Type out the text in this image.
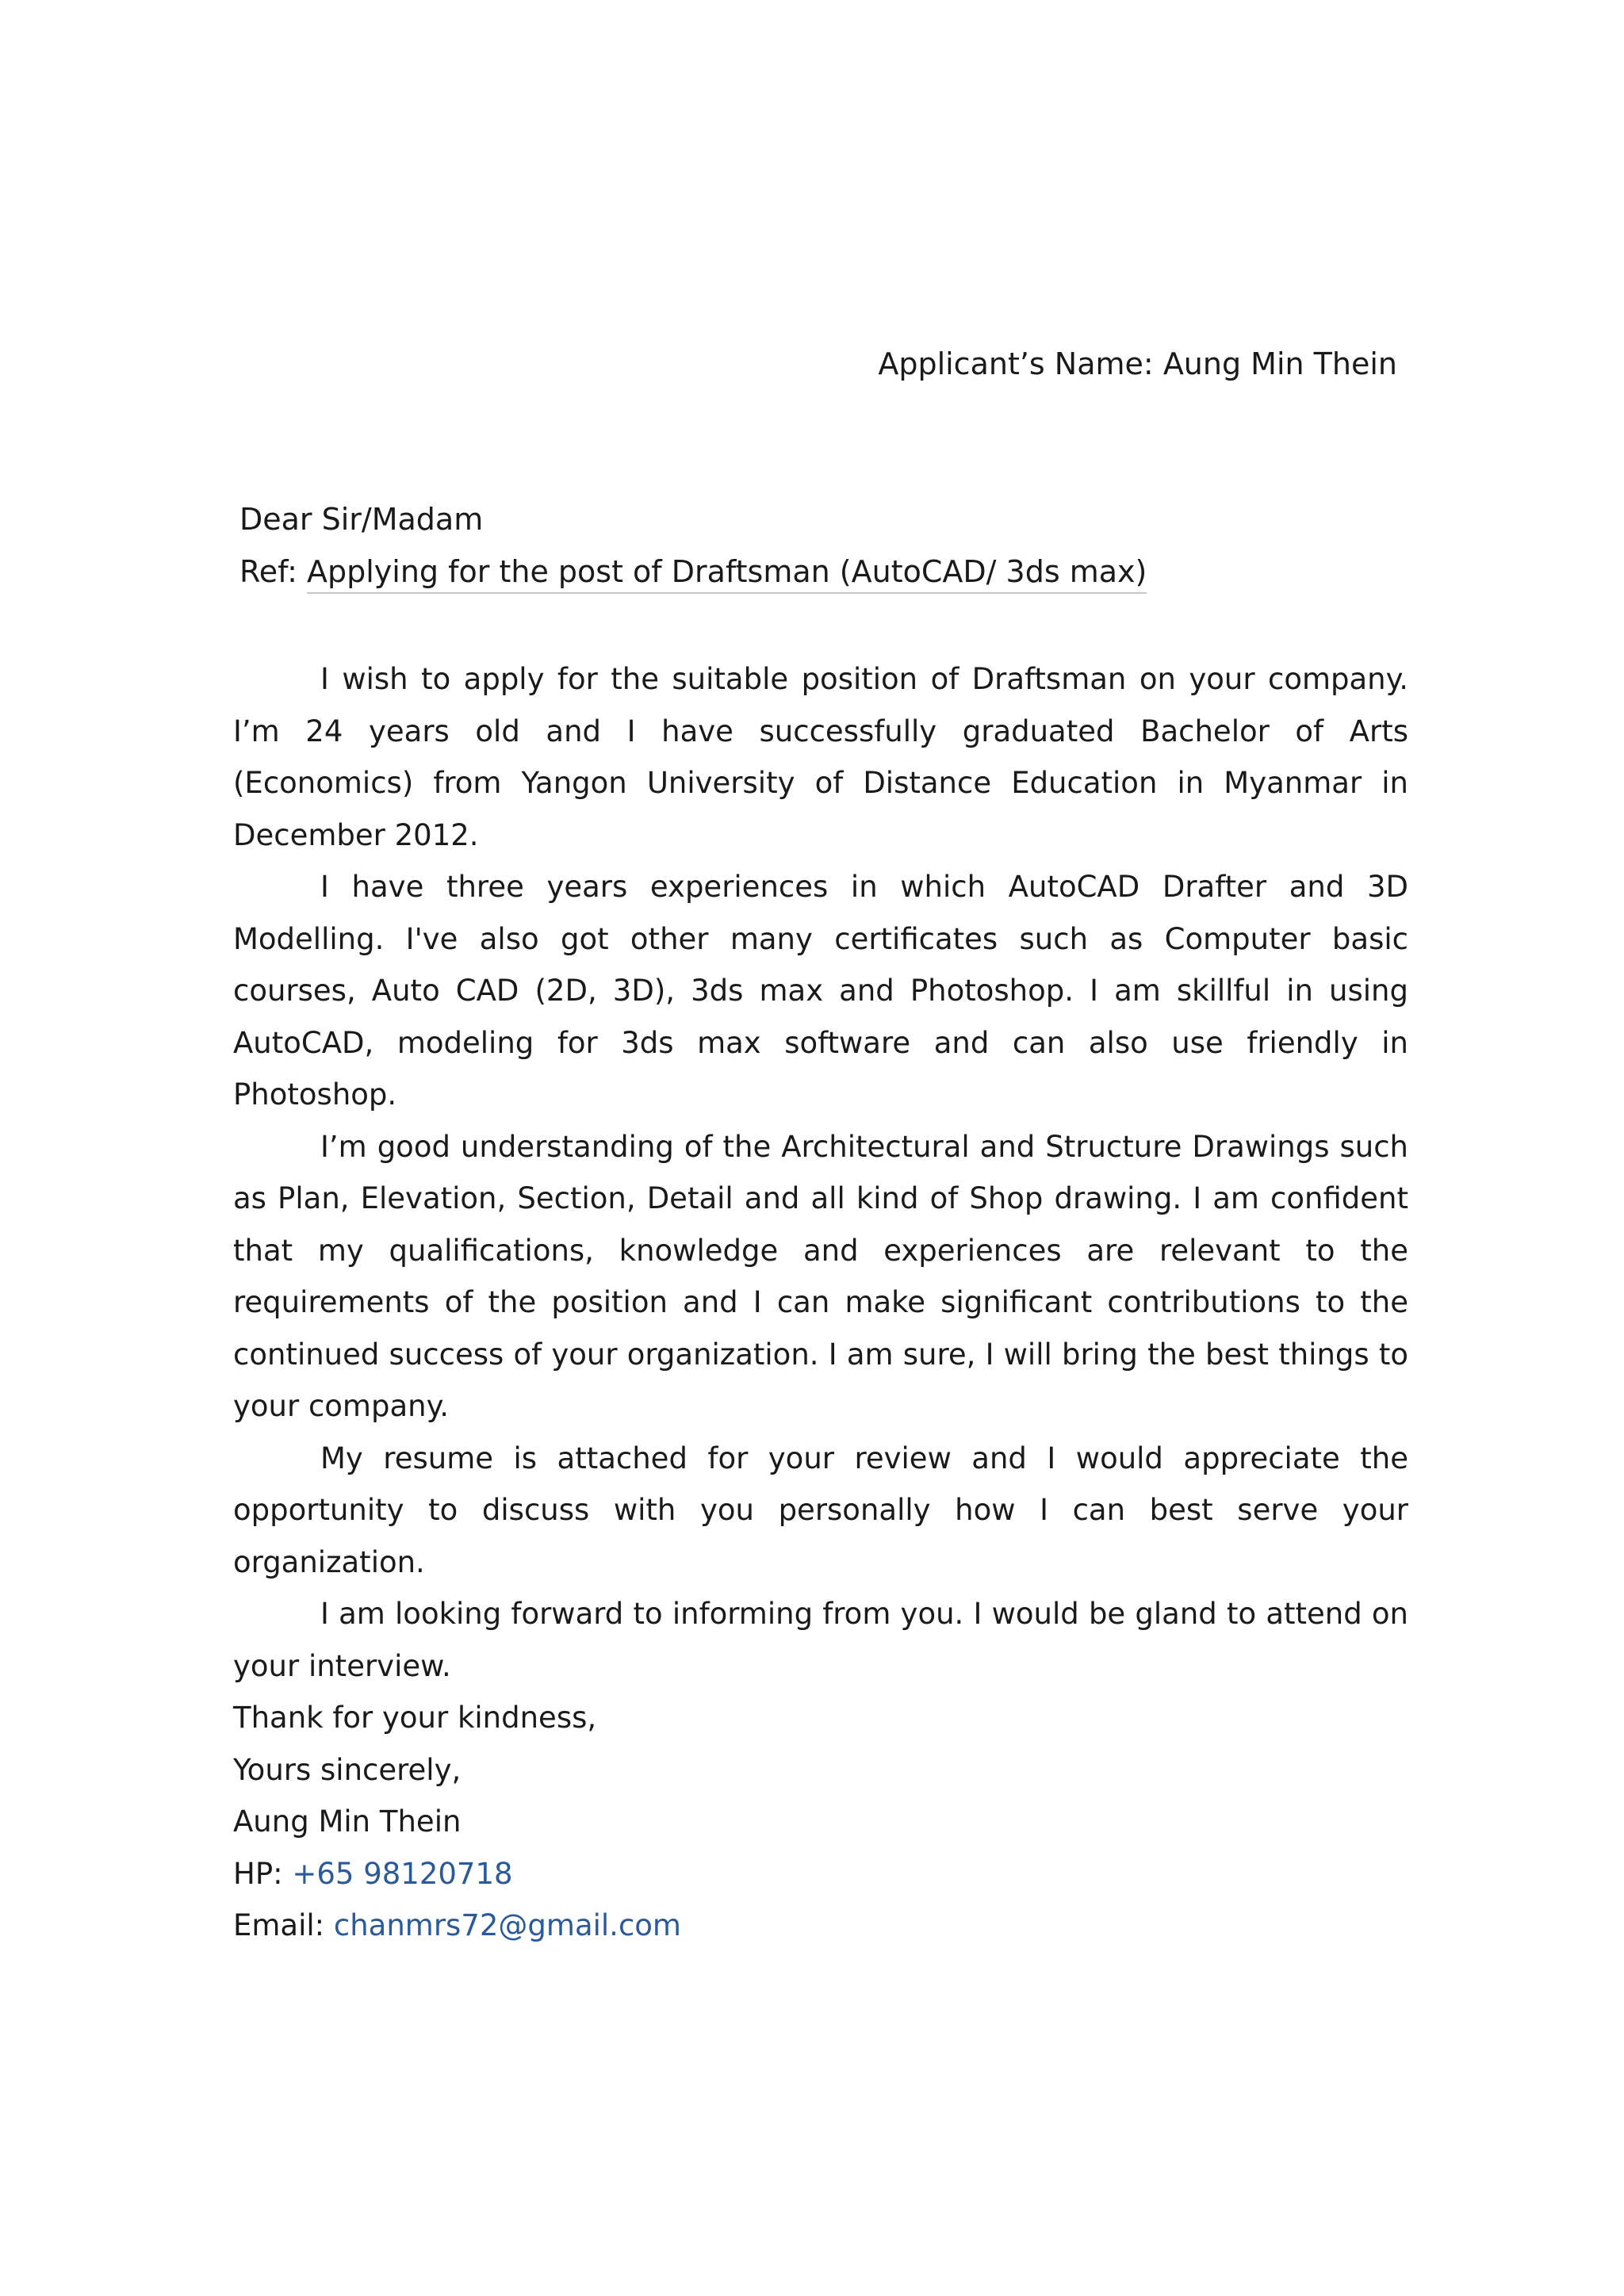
Applicant’s Name: Aung Min Thein
Dear Sir/Madam
Ref: Applying for the post of Draftsman (AutoCAD/ 3ds max)

I wish to apply for the suitable position of Draftsman on your company. I’m 24 years old and I have successfully graduated Bachelor of Arts (Economics) from Yangon University of Distance Education in Myanmar in December 2012.

I have three years experiences in which AutoCAD Drafter and 3D Modelling. I've also got other many certificates such as Computer basic courses, Auto CAD (2D, 3D), 3ds max and Photoshop. I am skillful in using AutoCAD, modeling for 3ds max software and can also use friendly in Photoshop.

I’m good understanding of the Architectural and Structure Drawings such as Plan, Elevation, Section, Detail and all kind of Shop drawing. I am confident that my qualifications, knowledge and experiences are relevant to the requirements of the position and I can make significant contributions to the continued success of your organization. I am sure, I will bring the best things to your company.

My resume is attached for your review and I would appreciate the opportunity to discuss with you personally how I can best serve your organization.

I am looking forward to informing from you. I would be gland to attend on your interview.

Thank for your kindness,

Yours sincerely,

Aung Min Thein

HP: +65 98120718

Email: chanmrs72@gmail.com
